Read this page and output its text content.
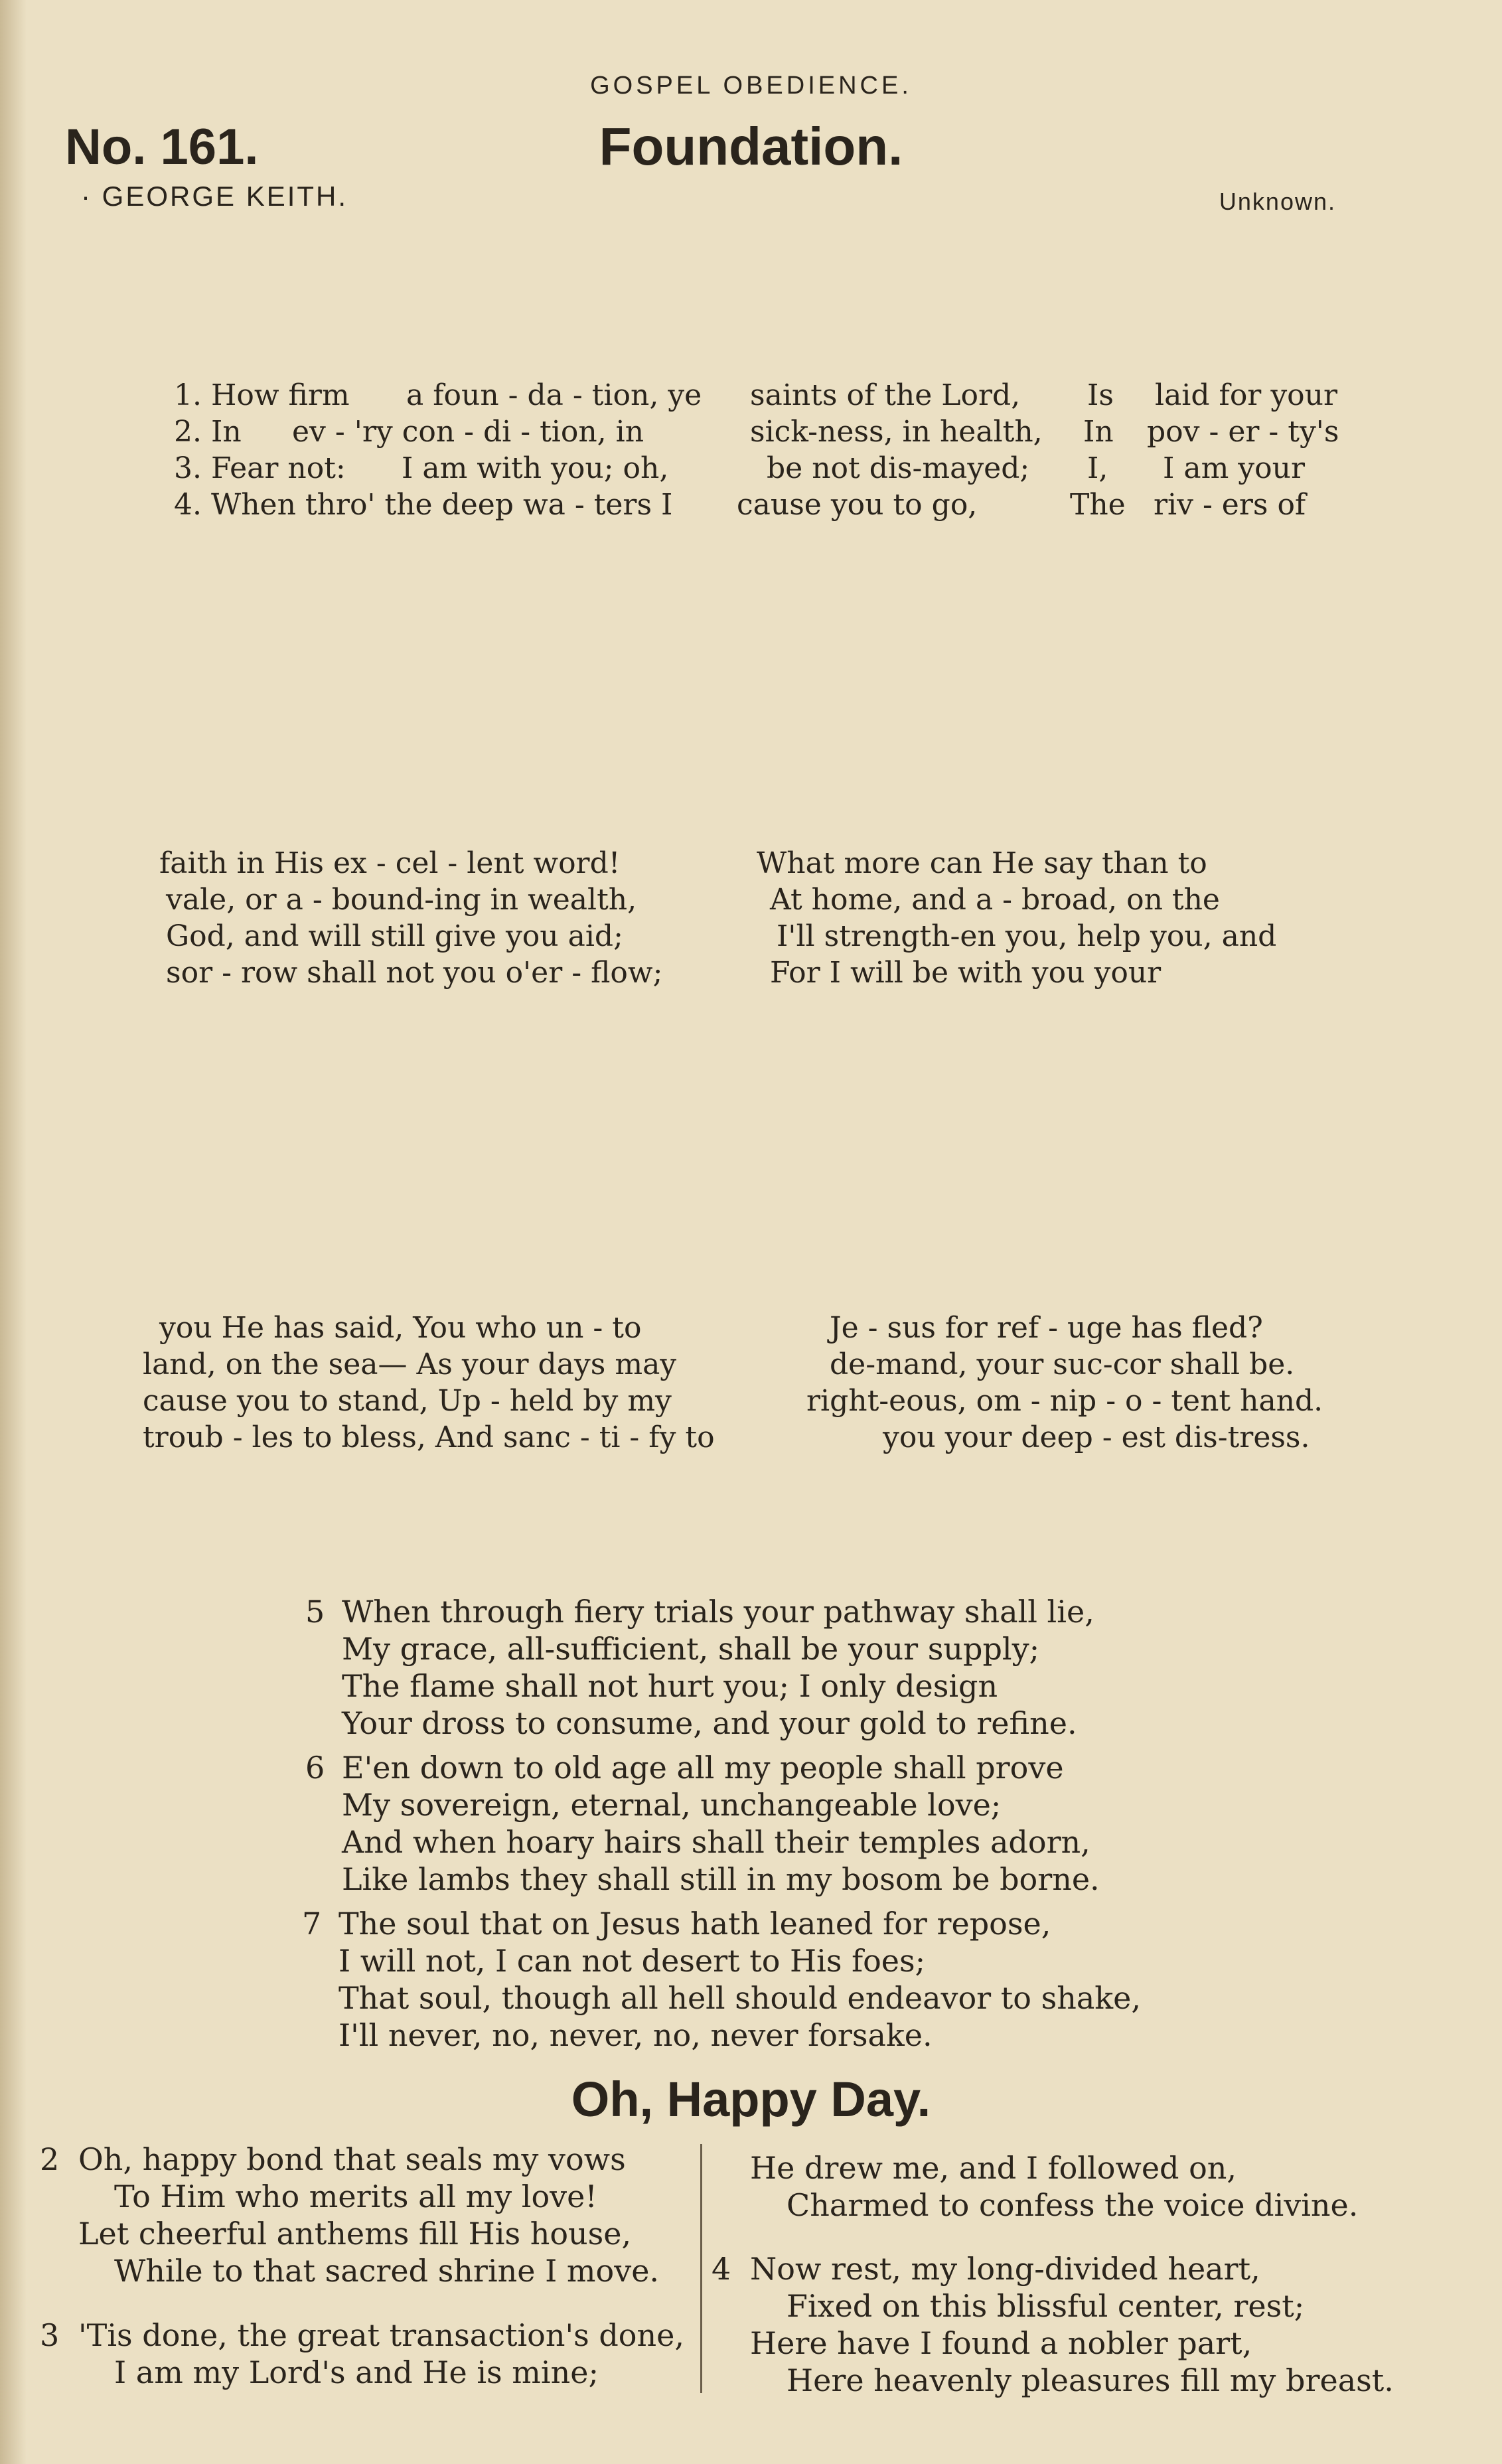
GOSPEL OBEDIENCE.
No. 161.	Foundation.
· GEORGE KEITH.	Unknown.
1. How firm a foun - da - tion, ye saints of the Lord, Is laid for your
2. In ev - 'ry con - di - tion, in	sick-ness, in health, In pov - er - ty's
3. Fear not: I am with you; oh,	be not dis-mayed; I, I am your
4. When thro' the deep wa - ters I cause you to go,	The riv - ers of
faith in His ex - cel - lent word!	What more can He say than to
vale, or a - bound-ing in wealth,	At home, and a - broad, on the
God, and will still give you aid;	I'll strength-en you, help you, and
sor - row shall not you o'er - flow;	For I will be with you your
you He has said, You who un - to	Je - sus for ref - uge has fled?
land, on the sea— As your days may	de-mand, your suc-cor shall be.
cause you to stand, Up - held by my	right-eous, om - nip - o - tent hand.
troub - les to bless, And sanc - ti - fy to	you your deep - est dis-tress.
5 When through fiery trials your pathway shall lie,
My grace, all-sufficient, shall be your supply;
The flame shall not hurt you; I only design
Your dross to consume, and your gold to refine.
6 E'en down to old age all my people shall prove
My sovereign, eternal, unchangeable love;
And when hoary hairs shall their temples adorn,
Like lambs they shall still in my bosom be borne.
7 The soul that on Jesus hath leaned for repose,
I will not, I can not desert to His foes;
That soul, though all hell should endeavor to shake,
I'll never, no, never, no, never forsake.
Oh, Happy Day.
2 Oh, happy bond that seals my vows
To Him who merits all my love!
Let cheerful anthems fill His house,
While to that sacred shrine I move.
3 'Tis done, the great transaction's done,
I am my Lord's and He is mine;
He drew me, and I followed on,
Charmed to confess the voice divine.
4 Now rest, my long-divided heart,
Fixed on this blissful center, rest;
Here have I found a nobler part,
Here heavenly pleasures fill my breast.
